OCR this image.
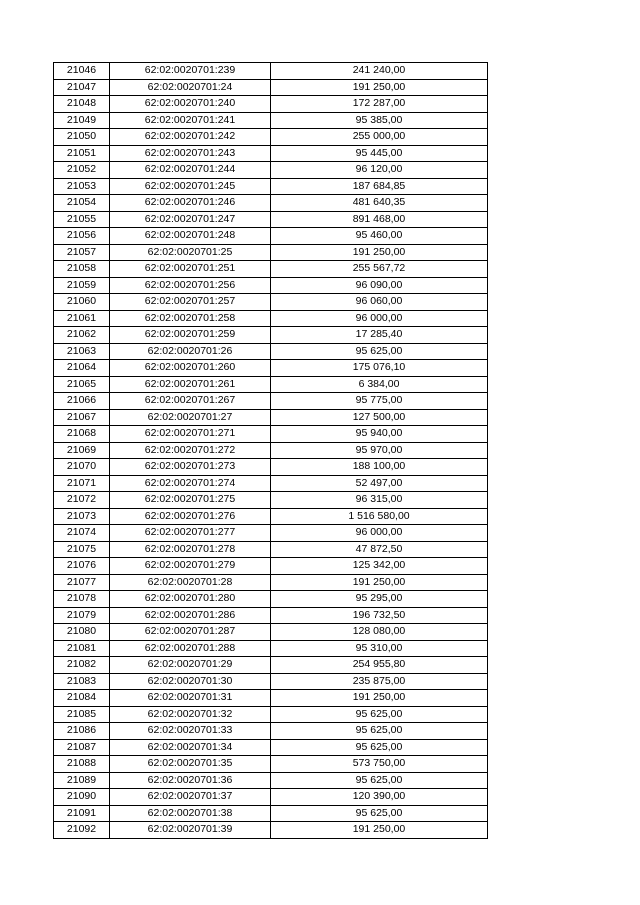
21046	62:02:0020701:239	241 240,00
21047	62:02:0020701:24	191 250,00
21048	62:02:0020701:240	172 287,00
21049	62:02:0020701:241	95 385,00
21050	62:02:0020701:242	255 000,00
21051	62:02:0020701:243	95 445,00
21052	62:02:0020701:244	96 120,00
21053	62:02:0020701:245	187 684,85
21054	62:02:0020701:246	481 640,35
21055	62:02:0020701:247	891 468,00
21056	62:02:0020701:248	95 460,00
21057	62:02:0020701:25	191 250,00
21058	62:02:0020701:251	255 567,72
21059	62:02:0020701:256	96 090,00
21060	62:02:0020701:257	96 060,00
21061	62:02:0020701:258	96 000,00
21062	62:02:0020701:259	17 285,40
21063	62:02:0020701:26	95 625,00
21064	62:02:0020701:260	175 076,10
21065	62:02:0020701:261	6 384,00
21066	62:02:0020701:267	95 775,00
21067	62:02:0020701:27	127 500,00
21068	62:02:0020701:271	95 940,00
21069	62:02:0020701:272	95 970,00
21070	62:02:0020701:273	188 100,00
21071	62:02:0020701:274	52 497,00
21072	62:02:0020701:275	96 315,00
21073	62:02:0020701:276	1 516 580,00
21074	62:02:0020701:277	96 000,00
21075	62:02:0020701:278	47 872,50
21076	62:02:0020701:279	125 342,00
21077	62:02:0020701:28	191 250,00
21078	62:02:0020701:280	95 295,00
21079	62:02:0020701:286	196 732,50
21080	62:02:0020701:287	128 080,00
21081	62:02:0020701:288	95 310,00
21082	62:02:0020701:29	254 955,80
21083	62:02:0020701:30	235 875,00
21084	62:02:0020701:31	191 250,00
21085	62:02:0020701:32	95 625,00
21086	62:02:0020701:33	95 625,00
21087	62:02:0020701:34	95 625,00
21088	62:02:0020701:35	573 750,00
21089	62:02:0020701:36	95 625,00
21090	62:02:0020701:37	120 390,00
21091	62:02:0020701:38	95 625,00
21092	62:02:0020701:39	191 250,00
